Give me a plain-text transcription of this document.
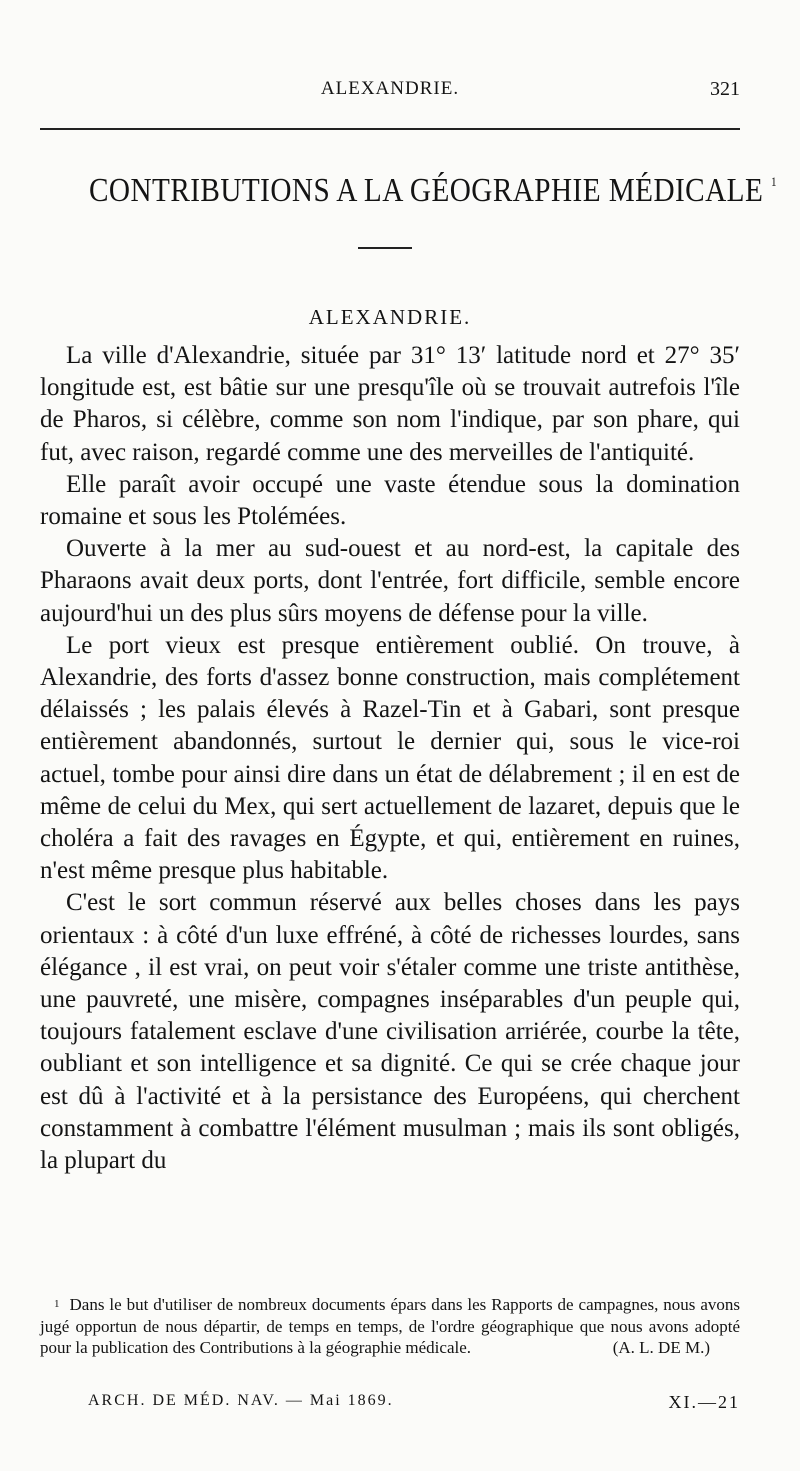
ALEXANDRIE.	321
CONTRIBUTIONS A LA GÉOGRAPHIE MÉDICALE $^1$
ALEXANDRIE.

La ville d'Alexandrie, située par 31° 13′ latitude nord et 27° 35′ longitude est, est bâtie sur une presqu'île où se trouvait autrefois l'île de Pharos, si célèbre, comme son nom l'indique, par son phare, qui fut, avec raison, regardé comme une des merveilles de l'antiquité.

Elle paraît avoir occupé une vaste étendue sous la domination romaine et sous les Ptolémées.

Ouverte à la mer au sud-ouest et au nord-est, la capitale des Pharaons avait deux ports, dont l'entrée, fort difficile, semble encore aujourd'hui un des plus sûrs moyens de défense pour la ville.

Le port vieux est presque entièrement oublié. On trouve, à Alexandrie, des forts d'assez bonne construction, mais complétement délaissés ; les palais élevés à Razel-Tin et à Gabari, sont presque entièrement abandonnés, surtout le dernier qui, sous le vice-roi actuel, tombe pour ainsi dire dans un état de délabrement ; il en est de même de celui du Mex, qui sert actuellement de lazaret, depuis que le choléra a fait des ravages en Égypte, et qui, entièrement en ruines, n'est même presque plus habitable.

C'est le sort commun réservé aux belles choses dans les pays orientaux : à côté d'un luxe effréné, à côté de richesses lourdes, sans élégance , il est vrai, on peut voir s'étaler comme une triste antithèse, une pauvreté, une misère, compagnes inséparables d'un peuple qui, toujours fatalement esclave d'une civilisation arriérée, courbe la tête, oubliant et son intelligence et sa dignité. Ce qui se crée chaque jour est dû à l'activité et à la persistance des Européens, qui cherchent constamment à combattre l'élément musulman ; mais ils sont obligés, la plupart du

$^1$ Dans le but d'utiliser de nombreux documents épars dans les Rapports de campagnes, nous avons jugé opportun de nous départir, de temps en temps, de l'ordre géographique que nous avons adopté pour la publication des Contributions à la géographie médicale.	(A. L. DE M.)
ARCH. DE MÉD. NAV. — Mai 1869.	XI.—21
